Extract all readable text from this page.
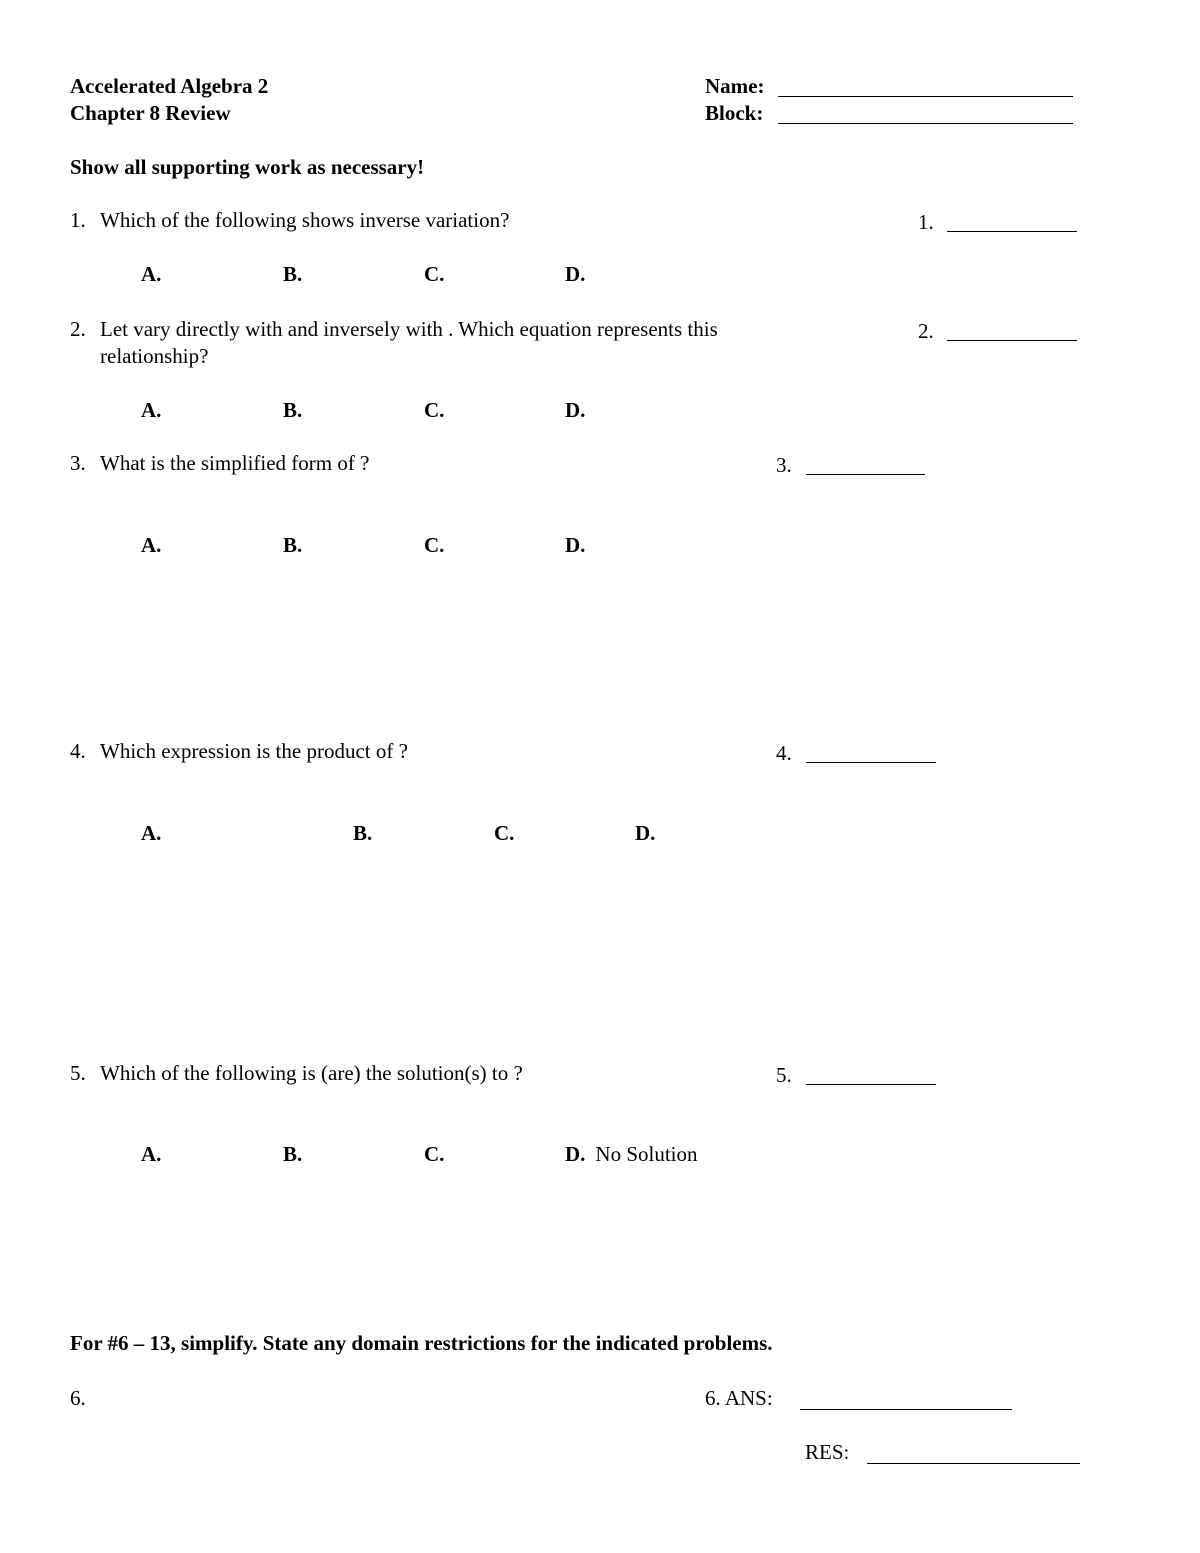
Accelerated Algebra 2
Chapter 8 Review
Name:
Block:
Show all supporting work as necessary!
1. Which of the following shows inverse variation?	1.
A.	B.	C.	D.
2. Let vary directly with and inversely with . Which equation represents this
relationship?
2.
A.	B.	C.	D.
3. What is the simplified form of ?	3.
A.	B.	C.	D.
4. Which expression is the product of ?	4.
A.	B.	C.	D.
5. Which of the following is (are) the solution(s) to ?	5.
A.	B.	C.	D. No Solution
For #6 – 13, simplify. State any domain restrictions for the indicated problems.
6.	6. ANS:
RES:
